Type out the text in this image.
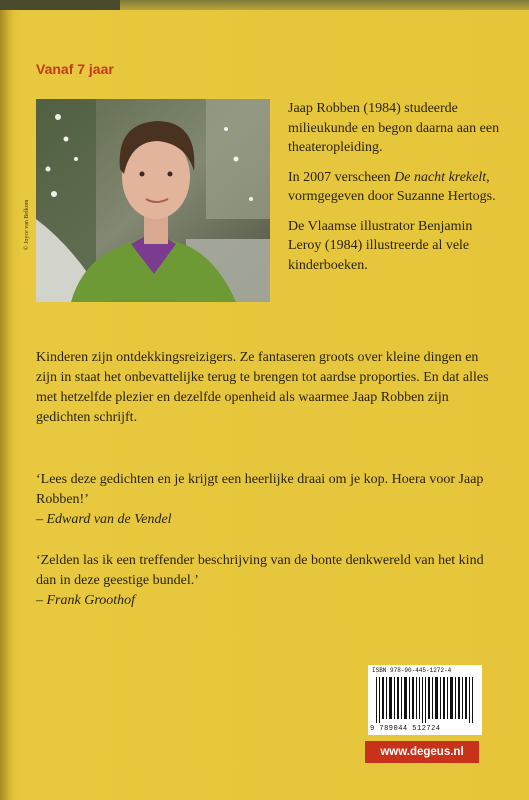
Vanaf 7 jaar
© Joyce van Belkom

Jaap Robben (1984) studeerde milieukunde en begon daarna aan een theateropleiding.

In 2007 verscheen De nacht krekelt, vormgegeven door Suzanne Hertogs.

De Vlaamse illustrator Benjamin Leroy (1984) illustreerde al vele kinderboeken.

Kinderen zijn ontdekkingsreizigers. Ze fantaseren groots over kleine dingen en zijn in staat het onbevattelijke terug te brengen tot aardse proporties. En dat alles met hetzelfde plezier en dezelfde openheid als waarmee Jaap Robben zijn gedichten schrijft.
‘Lees deze gedichten en je krijgt een heerlijke draai om je kop. Hoera voor Jaap Robben!’
– Edward van de Vendel
‘Zelden las ik een treffender beschrijving van de bonte denkwereld van het kind dan in deze geestige bundel.’
– Frank Groothof
ISBN 978-90-445-1272-4
9 789044 512724
www.degeus.nl
